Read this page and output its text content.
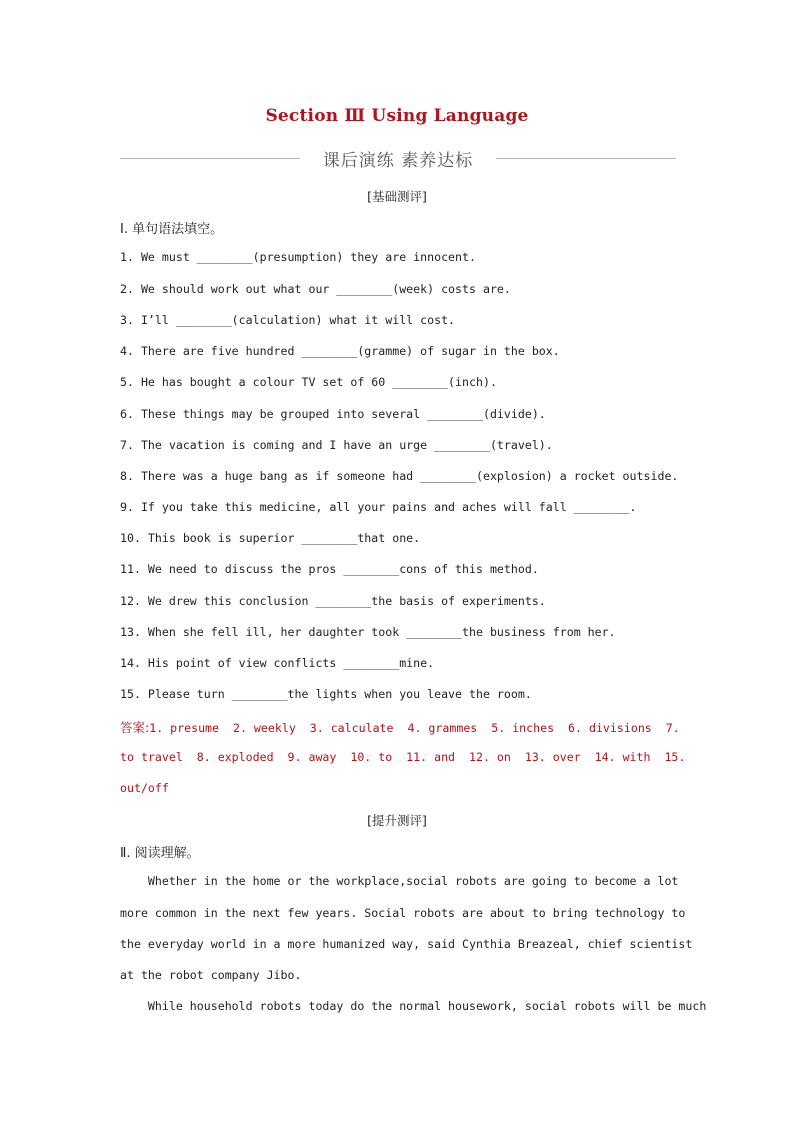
Section Ⅲ Using Language
课后演练 素养达标
[基础测评]
Ⅰ. 单句语法填空。
1. We must ________(presumption) they are innocent.
2. We should work out what our ________(week) costs are.
3. I’ll ________(calculation) what it will cost.
4. There are five hundred ________(gramme) of sugar in the box.
5. He has bought a colour TV set of 60 ________(inch).
6. These things may be grouped into several ________(divide).
7. The vacation is coming and I have an urge ________(travel).
8. There was a huge bang as if someone had ________(explosion) a rocket outside.
9. If you take this medicine, all your pains and aches will fall ________.
10. This book is superior ________that one.
11. We need to discuss the pros ________cons of this method.
12. We drew this conclusion ________the basis of experiments.
13. When she fell ill, her daughter took ________the business from her.
14. His point of view conflicts ________mine.
15. Please turn ________the lights when you leave the room.
答案:1. presume  2. weekly  3. calculate  4. grammes  5. inches  6. divisions  7.
to travel  8. exploded  9. away  10. to  11. and  12. on  13. over  14. with  15.
out/off
[提升测评]
Ⅱ. 阅读理解。
Whether in the home or the workplace,social robots are going to become a lot
more common in the next few years. Social robots are about to bring technology to
the everyday world in a more humanized way, said Cynthia Breazeal, chief scientist
at the robot company Jibo.
While household robots today do the normal housework, social robots will be much
